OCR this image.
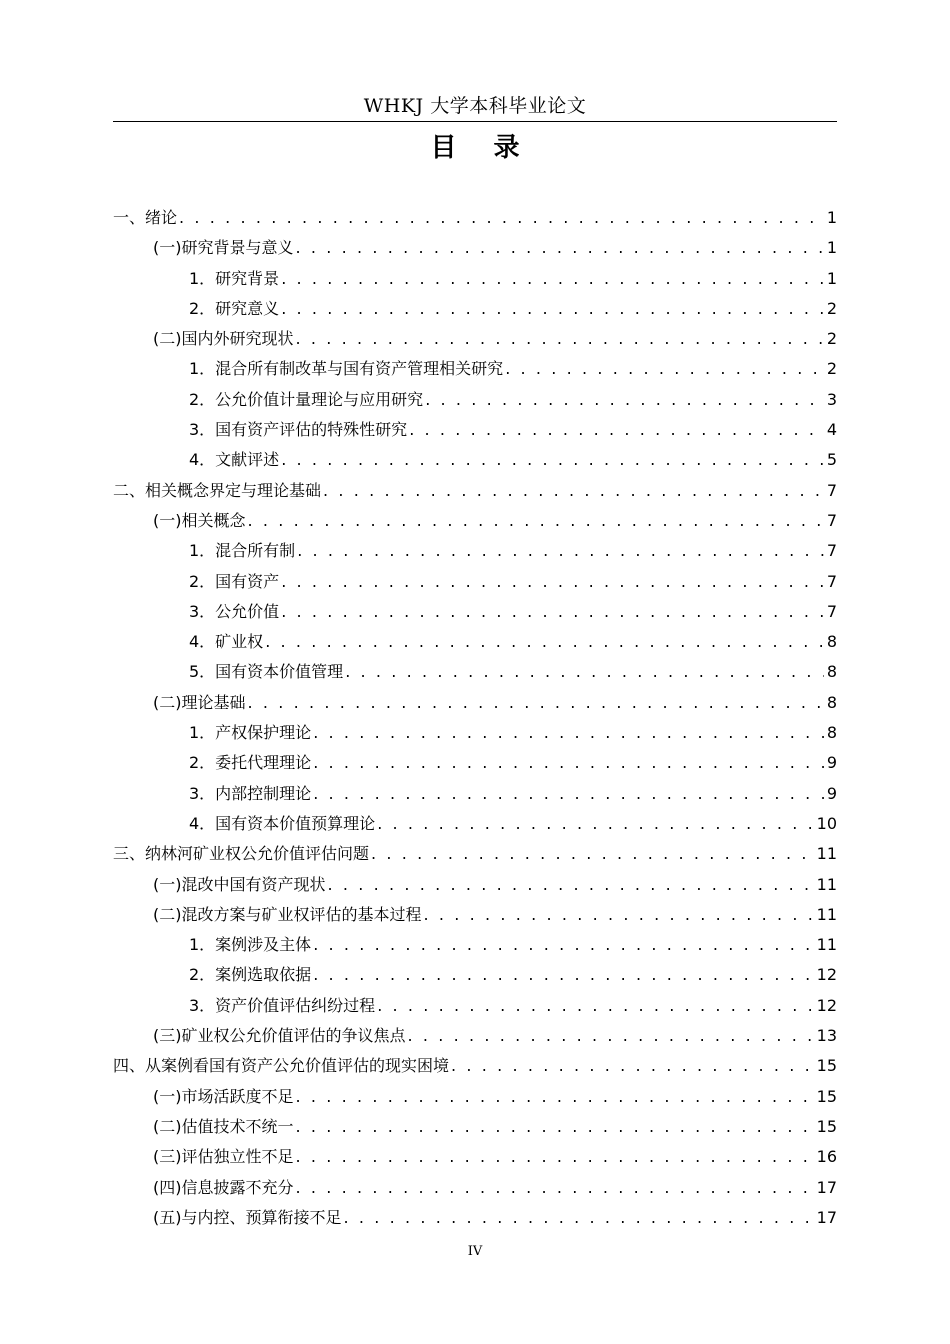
WHKJ 大学本科毕业论文
目 录
一、绪论 . . .	1
(一)研究背景与意义 . . .	1
1．研究背景 . . .	1
2．研究意义 . . .	2
(二)国内外研究现状 . . .	2
1．混合所有制改革与国有资产管理相关研究 . . .	2
2．公允价值计量理论与应用研究 . . .	3
3．国有资产评估的特殊性研究 . . .	4
4．文献评述 . . .	5
二、相关概念界定与理论基础 . . .	7
(一)相关概念 . . .	7
1．混合所有制 . . .	7
2．国有资产 . . .	7
3．公允价值 . . .	7
4．矿业权 . . .	8
5．国有资本价值管理 . . .	8
(二)理论基础 . . .	8
1．产权保护理论 . . .	8
2．委托代理理论 . . .	9
3．内部控制理论 . . .	9
4．国有资本价值预算理论 . . .	10
三、纳林河矿业权公允价值评估问题 . . .	11
(一)混改中国有资产现状 . . .	11
(二)混改方案与矿业权评估的基本过程 . . .	11
1．案例涉及主体 . . .	11
2．案例选取依据 . . .	12
3．资产价值评估纠纷过程 . . .	12
(三)矿业权公允价值评估的争议焦点 . . .	13
四、从案例看国有资产公允价值评估的现实困境 . . .	15
(一)市场活跃度不足 . . .	15
(二)估值技术不统一 . . .	15
(三)评估独立性不足 . . .	16
(四)信息披露不充分 . . .	17
(五)与内控、预算衔接不足 . . .	17
IV
